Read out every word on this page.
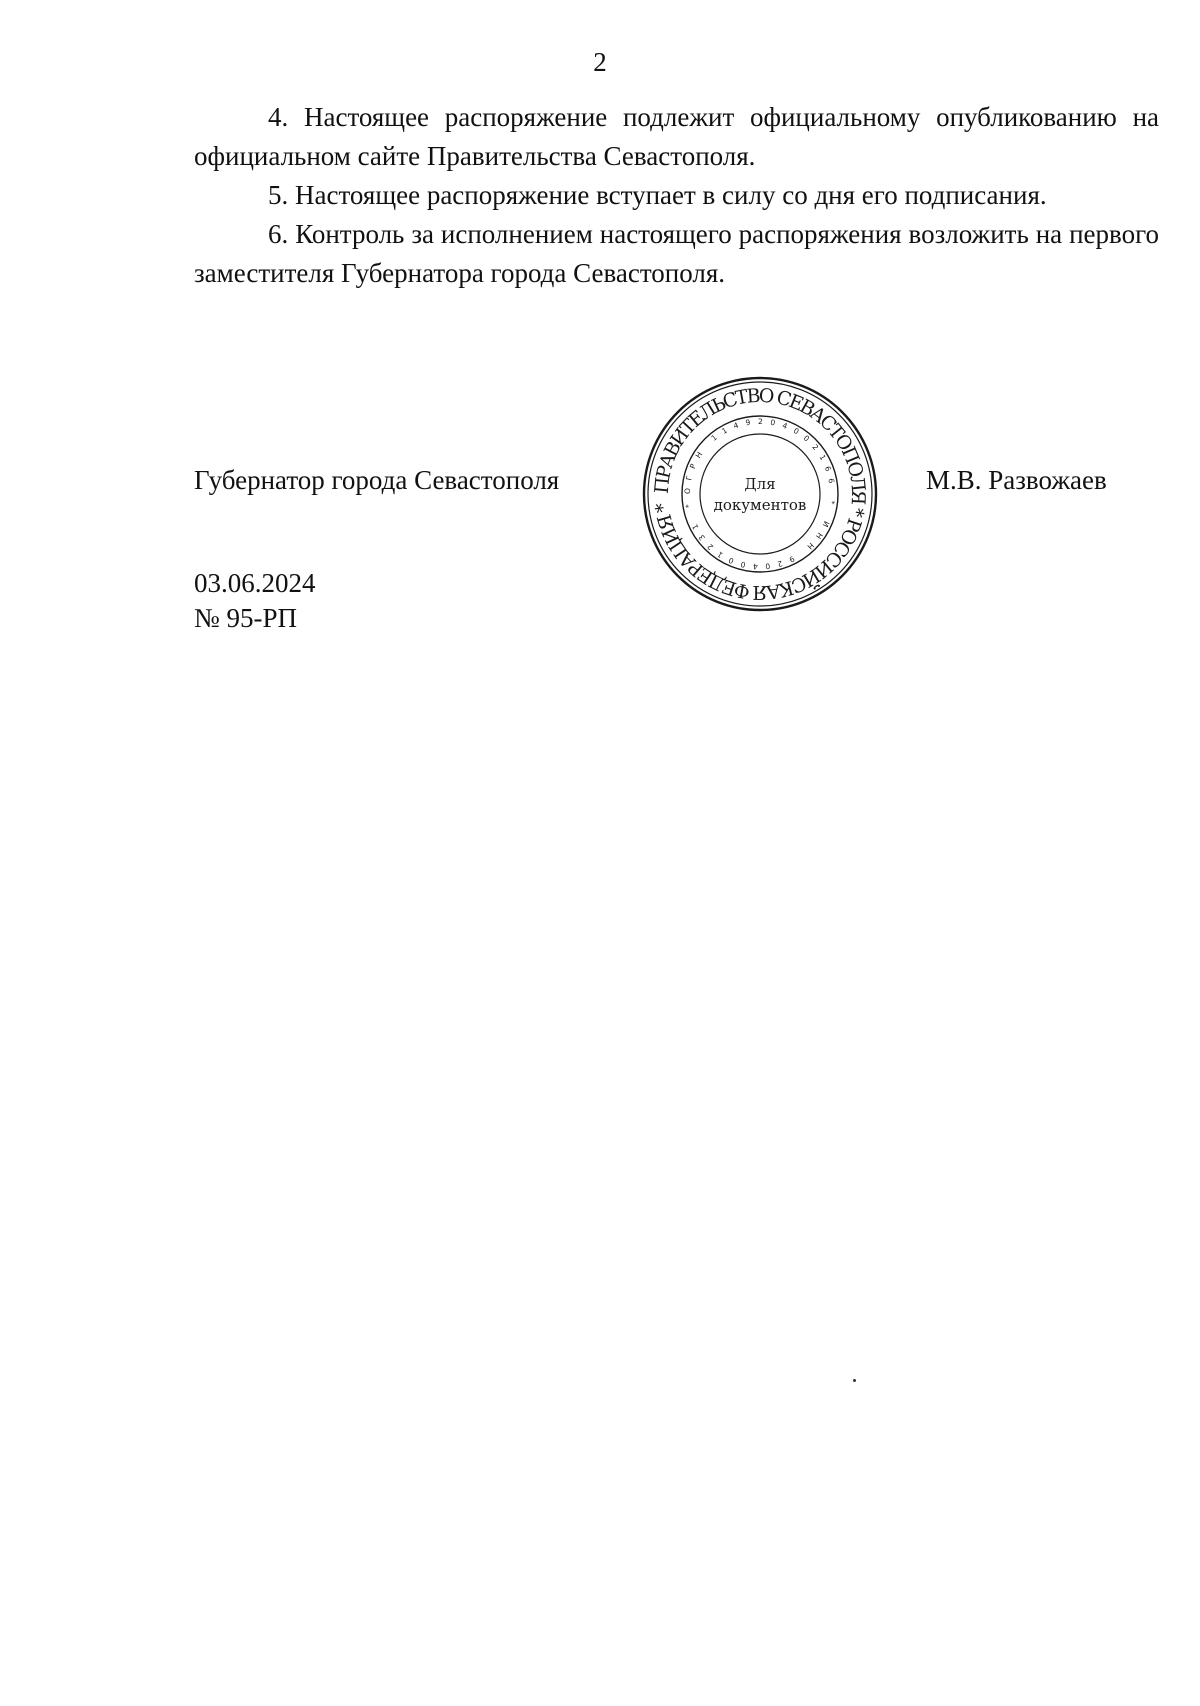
2

4. Настоящее распоряжение подлежит официальному опубликованию на официальном сайте Правительства Севастополя.

5. Настоящее распоряжение вступает в силу со дня его подписания.

6. Контроль за исполнением настоящего распоряжения возложить на первого заместителя Губернатора города Севастополя.

Губернатор города Севастополя	ПРАВИТЕЛЬСТВО СЕВАСТОПОЛЯ * РОССИЙСКАЯ ФЕДЕРАЦИЯ *
ОГРН 1149204002166 * ИНН 9204001231 *
Для
документов
М.В. Развожаев
03.06.2024
№ 95-РП
